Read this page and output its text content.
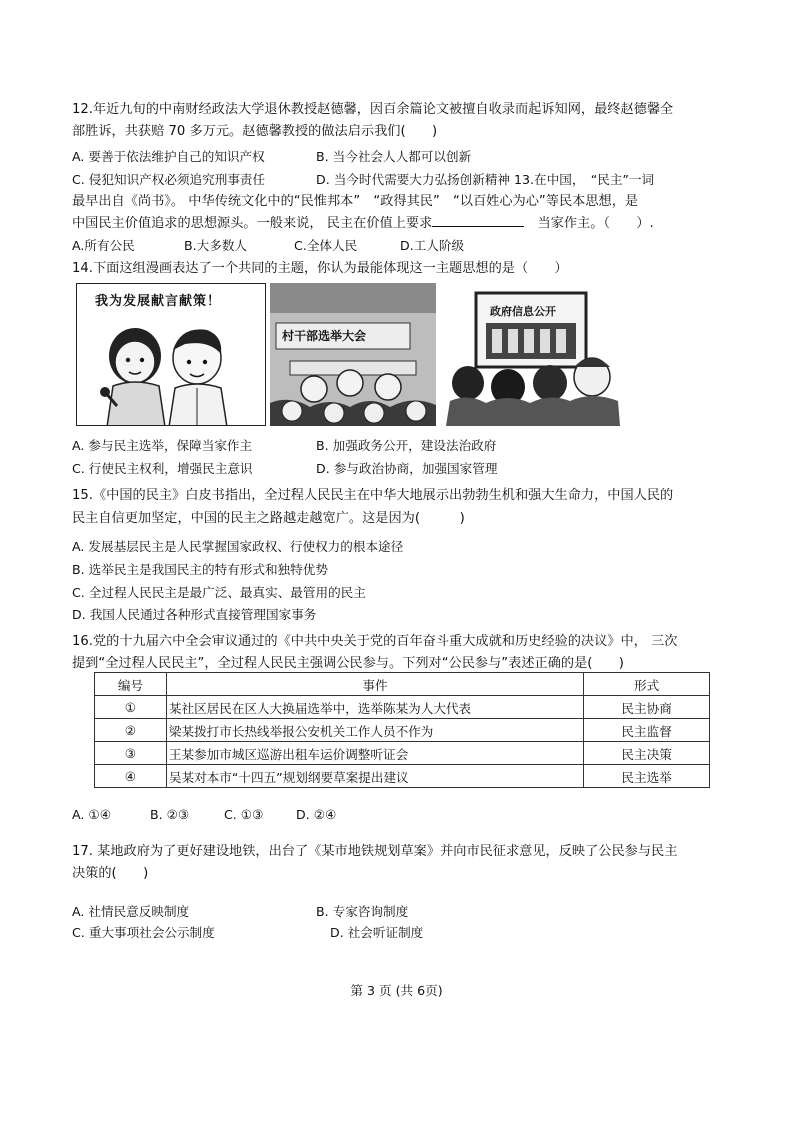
12.年近九旬的中南财经政法大学退休教授赵德馨，因百余篇论文被擅自收录而起诉知网，最终赵德馨全
部胜诉，共获赔 70 多万元。赵德馨教授的做法启示我们(　　)
A. 要善于依法维护自己的知识产权	B. 当今社会人人都可以创新
C. 侵犯知识产权必须追究刑事责任	D. 当今时代需要大力弘扬创新精神 13.在中国，　“民主”一词
最早出自《尚书》。 中华传统文化中的“民惟邦本”　“政得其民”　“以百姓心为心”等民本思想，是
中国民主价值追求的思想源头。一般来说， 民主在价值上要求　	当家作主。（　　）.
A.所有公民	B.大多数人	C.全体人民	D.工人阶级
14.下面这组漫画表达了一个共同的主题，你认为最能体现这一主题思想的是（　　）
我为发展献言献策！
村干部选举大会
政府信息公开
A. 参与民主选举，保障当家作主	B. 加强政务公开，建设法治政府
C. 行使民主权利，增强民主意识	D. 参与政治协商，加强国家管理
15.《中国的民主》白皮书指出，全过程人民民主在中华大地展示出勃勃生机和强大生命力，中国人民的
民主自信更加坚定，中国的民主之路越走越宽广。这是因为(　　　)
A. 发展基层民主是人民掌握国家政权、行使权力的根本途径
B. 选举民主是我国民主的特有形式和独特优势
C. 全过程人民民主是最广泛、最真实、最管用的民主
D. 我国人民通过各种形式直接管理国家事务
16.党的十九届六中全会审议通过的《中共中央关于党的百年奋斗重大成就和历史经验的决议》中， 三次
提到“全过程人民民主”，全过程人民民主强调公民参与。下列对“公民参与”表述正确的是(　　)
编号	事件	形式
①	某社区居民在区人大换届选举中，选举陈某为人大代表	民主协商
②	梁某拨打市长热线举报公安机关工作人员不作为	民主监督
③	王某参加市城区巡游出租车运价调整听证会	民主决策
④	吴某对本市“十四五”规划纲要草案提出建议	民主选举
A. ①④	B. ②③	C. ①③	D. ②④
17. 某地政府为了更好建设地铁，出台了《某市地铁规划草案》并向市民征求意见，反映了公民参与民主
决策的(　　)
A. 社情民意反映制度	B. 专家咨询制度
C. 重大事项社会公示制度	D. 社会听证制度
第 3 页 (共 6页)
